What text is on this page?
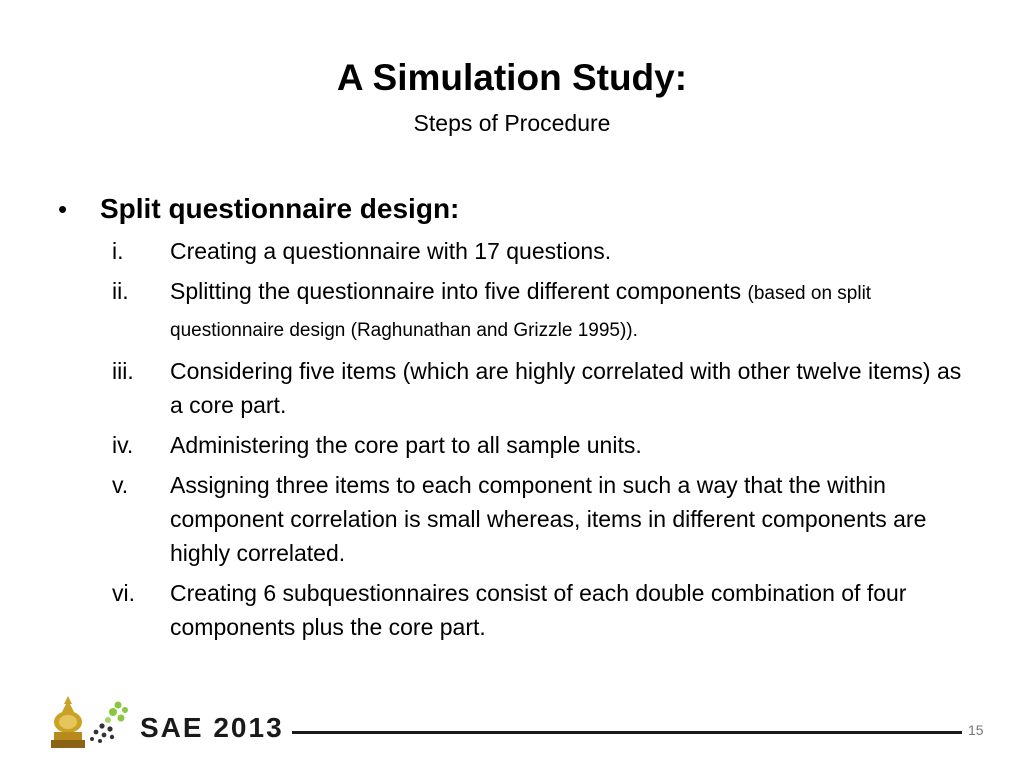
A Simulation Study:
Steps of Procedure
• Split questionnaire design:
i.	Creating a questionnaire with 17 questions.
ii.	Splitting the questionnaire into five different components (based on split questionnaire design (Raghunathan and Grizzle 1995)).
iii.	Considering five items (which are highly correlated with other twelve items) as a core part.
iv.	Administering the core part to all sample units.
v.	Assigning three items to each component in such a way that the within component correlation is small whereas, items in different components are highly correlated.
vi.	Creating 6 subquestionnaires consist of each double combination of four components plus the core part.
SAE 2013	15
